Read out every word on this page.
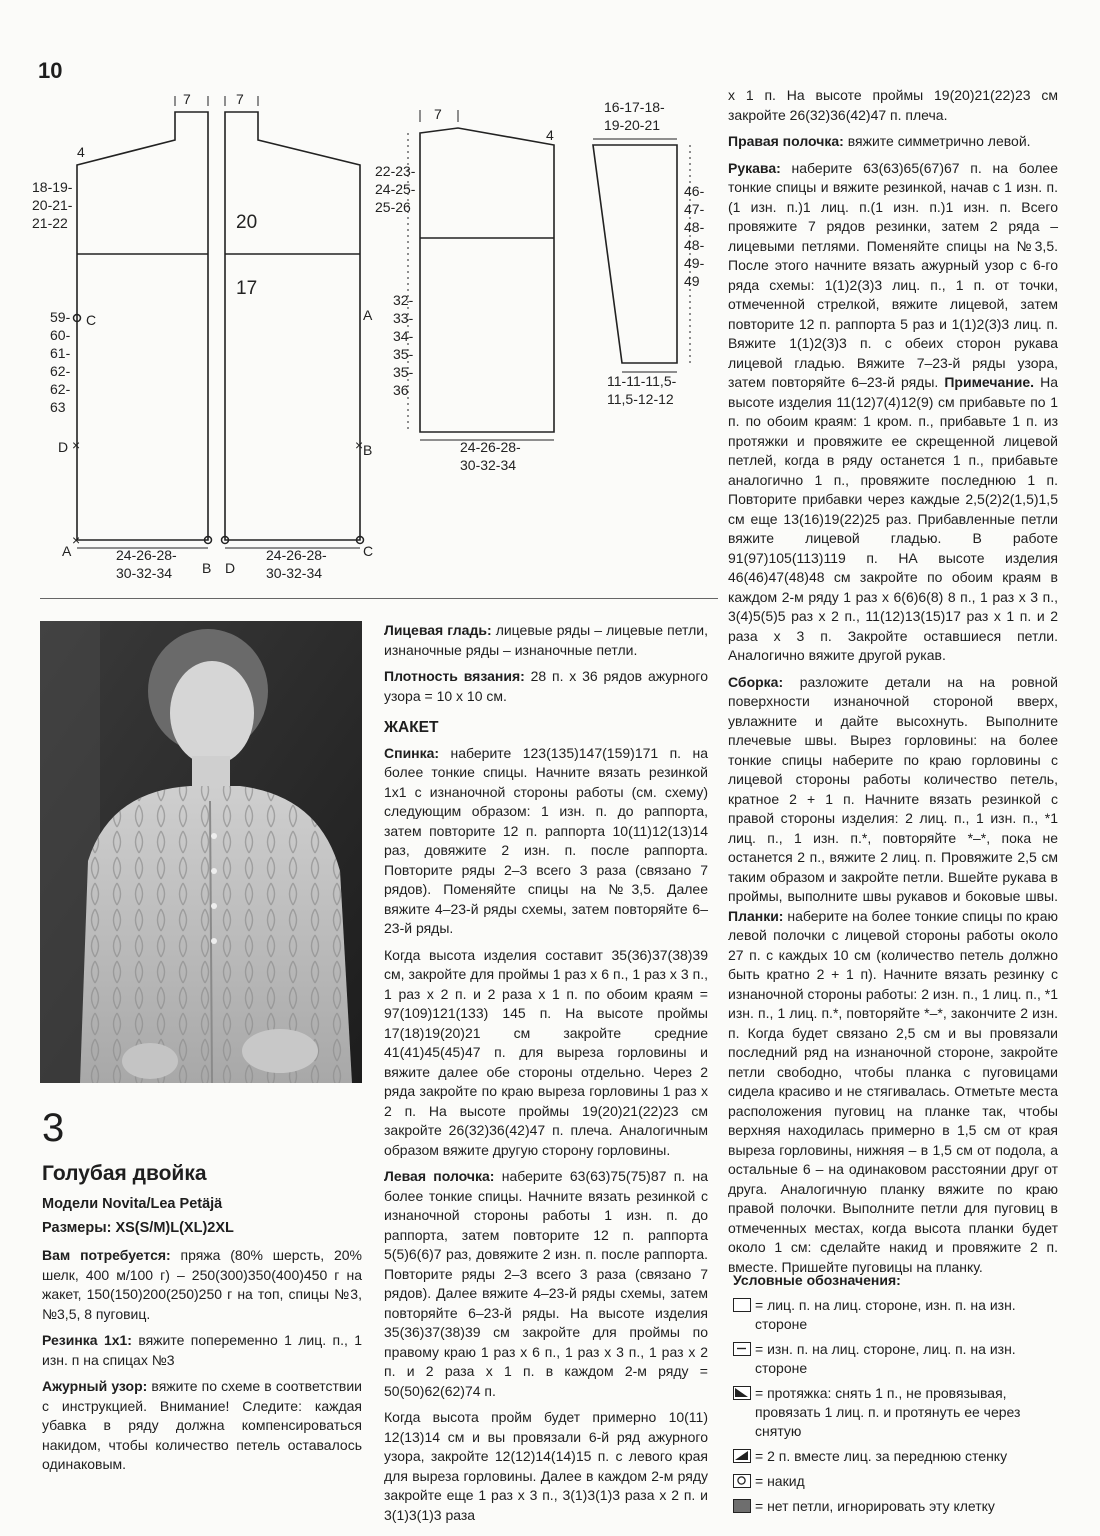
10
×	×
×
7	7
4
18-19-
20-21-
21-22	20
17
59-
60-
61-
62-
62-
63
C
D
A
A
B
B D
C
24-26-28-
30-32-34
24-26-28-
30-32-34
7
4
22-23-
24-25-
25-26
32-
33-
34-
35-
35-
36
24-26-28-
30-32-34
16-17-18-
19-20-21
46-
47-
48-
48-
49-
49
11-11-11,5-
11,5-12-12
3
Голубая двойка
Модели Novita/Lea Petäjä
Размеры: XS(S/M)L(XL)2XL

Вам потребуется: пряжа (80% шерсть, 20% шелк, 400 м/100 г) – 250(300)350(400)450 г на жакет, 150(150)200(250)250 г на топ, спицы №3, №3,5, 8 пуговиц.

Резинка 1х1: вяжите попеременно 1 лиц. п., 1 изн. п на спицах №3

Ажурный узор: вяжите по схеме в соответствии с инструкцией. Внимание! Следите: каждая убавка в ряду должна компенсироваться накидом, чтобы количество петель оставалось одинаковым.

Лицевая гладь: лицевые ряды – лицевые петли, изнаночные ряды – изнаночные петли.

Плотность вязания: 28 п. х 36 рядов ажурного узора = 10 х 10 см.

ЖАКЕТ

Спинка: наберите 123(135)147(159)171 п. на более тонкие спицы. Начните вязать резинкой 1х1 с изнаночной стороны работы (см. схему) следующим образом: 1 изн. п. до раппорта, затем повторите 12 п. раппорта 10(11)12(13)14 раз, довяжите 2 изн. п. после раппорта. Повторите ряды 2–3 всего 3 раза (связано 7 рядов). Поменяйте спицы на №3,5. Далее вяжите 4–23-й ряды схемы, затем повторяйте 6–23-й ряды.

Когда высота изделия составит 35(36)37(38)39 см, закройте для проймы 1 раз х 6 п., 1 раз х 3 п., 1 раз х 2 п. и 2 раза х 1 п. по обоим краям = 97(109)121(133) 145 п. На высоте проймы 17(18)19(20)21 см закройте средние 41(41)45(45)47 п. для выреза горловины и вяжите далее обе стороны отдельно. Через 2 ряда закройте по краю выреза горловины 1 раз х 2 п. На высоте проймы 19(20)21(22)23 см закройте 26(32)36(42)47 п. плеча. Аналогичным образом вяжите другую сторону горловины.

Левая полочка: наберите 63(63)75(75)87 п. на более тонкие спицы. Начните вязать резинкой с изнаночной стороны работы 1 изн. п. до раппорта, затем повторите 12 п. раппорта 5(5)6(6)7 раз, довяжите 2 изн. п. после раппорта. Повторите ряды 2–3 всего 3 раза (связано 7 рядов). Далее вяжите 4–23-й ряды схемы, затем повторяйте 6–23-й ряды. На высоте изделия 35(36)37(38)39 см закройте для проймы по правому краю 1 раз х 6 п., 1 раз х 3 п., 1 раз х 2 п. и 2 раза х 1 п. в каждом 2-м ряду = 50(50)62(62)74 п.

Когда высота пройм будет примерно 10(11) 12(13)14 см и вы провязали 6-й ряд ажурного узора, закройте 12(12)14(14)15 п. с левого края для выреза горловины. Далее в каждом 2-м ряду закройте еще 1 раз х 3 п., 3(1)3(1)3 раза х 2 п. и 3(1)3(1)3 раза

х 1 п. На высоте проймы 19(20)21(22)23 см закройте 26(32)36(42)47 п. плеча.

Правая полочка: вяжите симметрично левой.

Рукава: наберите 63(63)65(67)67 п. на более тонкие спицы и вяжите резинкой, начав с 1 изн. п. (1 изн. п.)1 лиц. п.(1 изн. п.)1 изн. п. Всего провяжите 7 рядов резинки, затем 2 ряда – лицевыми петлями. Поменяйте спицы на №3,5. После этого начните вязать ажурный узор с 6-го ряда схемы: 1(1)2(3)3 лиц. п., 1 п. от точки, отмеченной стрелкой, вяжите лицевой, затем повторите 12 п. раппорта 5 раз и 1(1)2(3)3 лиц. п. Вяжите 1(1)2(3)3 п. с обеих сторон рукава лицевой гладью. Вяжите 7–23-й ряды узора, затем повторяйте 6–23-й ряды. Примечание. На высоте изделия 11(12)7(4)12(9) см прибавьте по 1 п. по обоим краям: 1 кром. п., прибавьте 1 п. из протяжки и провяжите ее скрещенной лицевой петлей, когда в ряду останется 1 п., прибавьте аналогично 1 п., провяжите последнюю 1 п. Повторите прибавки через каждые 2,5(2)2(1,5)1,5 см еще 13(16)19(22)25 раз. Прибавленные петли вяжите лицевой гладью. В работе 91(97)105(113)119 п. НА высоте изделия 46(46)47(48)48 см закройте по обоим краям в каждом 2-м ряду 1 раз х 6(6)6(8) 8 п., 1 раз х 3 п., 3(4)5(5)5 раз х 2 п., 11(12)13(15)17 раз х 1 п. и 2 раза х 3 п. Закройте оставшиеся петли. Аналогично вяжите другой рукав.

Сборка: разложите детали на на ровной поверхности изнаночной стороной вверх, увлажните и дайте высохнуть. Выполните плечевые швы. Вырез горловины: на более тонкие спицы наберите по краю горловины с лицевой стороны работы количество петель, кратное 2 + 1 п. Начните вязать резинкой с правой стороны изделия: 2 лиц. п., 1 изн. п., *1 лиц. п., 1 изн. п.*, повторяйте *–*, пока не останется 2 п., вяжите 2 лиц. п. Провяжите 2,5 см таким образом и закройте петли. Вшейте рукава в проймы, выполните швы рукавов и боковые швы. Планки: наберите на более тонкие спицы по краю левой полочки с лицевой стороны работы около 27 п. с каждых 10 см (количество петель должно быть кратно 2 + 1 п). Начните вязать резинку с изнаночной стороны работы: 2 изн. п., 1 лиц. п., *1 изн. п., 1 лиц. п.*, повторяйте *–*, закончите 2 изн. п. Когда будет связано 2,5 см и вы провязали последний ряд на изнаночной стороне, закройте петли свободно, чтобы планка с пуговицами сидела красиво и не стягивалась. Отметьте места расположения пуговиц на планке так, чтобы верхняя находилась примерно в 1,5 см от края выреза горловины, нижняя – в 1,5 см от подола, а остальные 6 – на одинаковом расстоянии друг от друга. Аналогичную планку вяжите по краю правой полочки. Выполните петли для пуговиц в отмеченных местах, когда высота планки будет около 1 см: сделайте накид и провяжите 2 п. вместе. Пришейте пуговицы на планку.

Условные обозначения:
= лиц. п. на лиц. стороне, изн. п. на изн. стороне
= изн. п. на лиц. стороне, лиц. п. на изн. стороне
= протяжка: снять 1 п., не провязывая, провязать 1 лиц. п. и протянуть ее через снятую
= 2 п. вместе лиц. за переднюю стенку
= накид
= нет петли, игнорировать эту клетку
